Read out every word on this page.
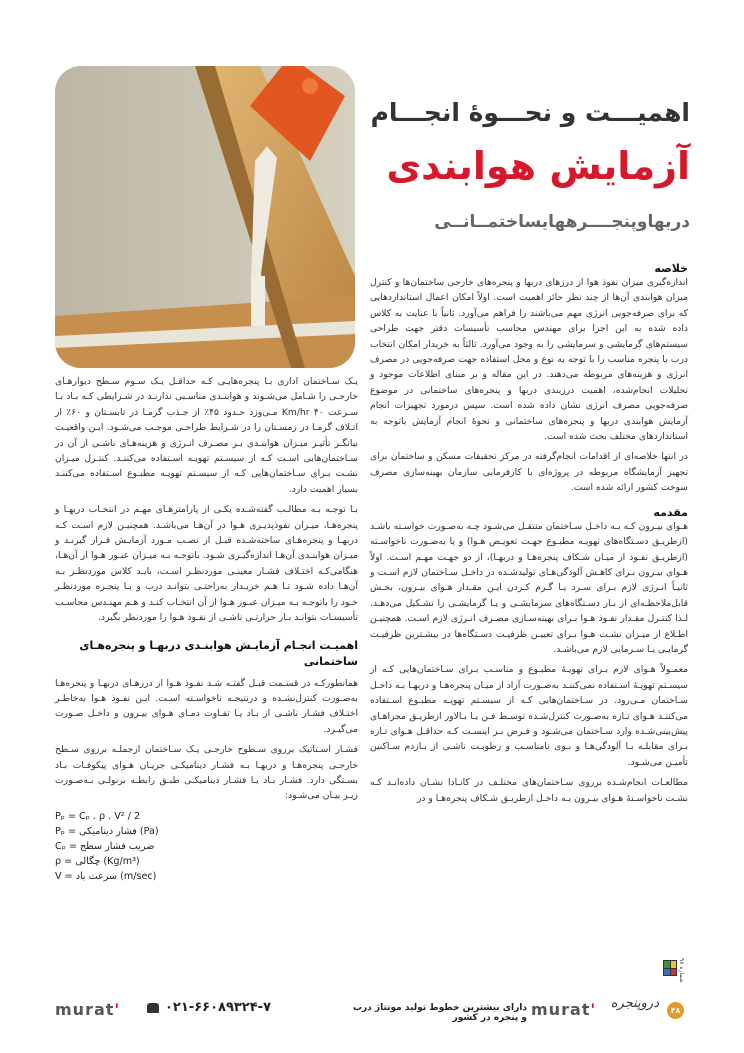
اهمیـــت و نحـــوۀ انجـــام
آزمایش هوابندی
دربهاوپنجــــرههایساختمــانــی
خلاصه

اندازه‌گیری میزان نفوذ هوا از درزهای دربها و پنجره‌های خارجی ساختمان‌ها و کنترل میزان هوابندی آن‌ها از چند نظر حائز اهمیت است. اولاً امکان اعمال استانداردهایی که برای صرفه‌جویی انرژی مهم می‌باشند را فراهم می‌آورد. ثانیاً با عنایت به کلاس داده شده به این اجزا برای مهندس محاسب تأسیسات دقتر جهت طراحی سیستم‌های گرمایشی و سرمایشی را به وجود می‌آورد. ثالثاً به خریدار امکان انتخاب درب یا پنجره مناسب را با توجه به نوع و محل استفاده جهت صرفه‌جویی در مصرف انرژی و هزینه‌های مربوطه می‌دهند. در این مقاله و بر مبنای اطلاعات موجود و تحلیلات انجام‌شده، اهمیت درزبندی دربها و پنجره‌های ساختمانی در موضوع صرفه‌جویی مصرف انرژی نشان داده شده است. سپس درمورد تجهیزات انجام آزمایش هوابندی دربها و پنجره‌های ساختمانی و نحوۀ انجام آزمایش باتوجه به استانداردهای مختلف بحث شده است.

در انتها خلاصه‌ای از اقدامات انجام‌گرفته در مرکز تحقیقات مسکن و ساختمان برای تجهیز آزمایشگاه مربوطه در پروژه‌ای با کارفرمایی سازمان بهینه‌سازی مصرف سوخت کشور ارائه شده است.

مقدمه

هـوای بیـرون کـه بـه داخـل سـاختمان منتقـل می‌شـود چـه به‌صـورت خواسـته باشـد (ازطریـق دسـتگاه‌های تهویـه مطبـوع جهـت تعویـض هـوا) و یا به‌صـورت ناخواسـته (ازطریـق نفـوذ از میـان شـکاف پنجره‌هـا و دربهـا)، از دو جهـت مهـم اسـت. اولاً هـوای بیـرون بـرای کاهـش آلودگی‌هـای تولیدشـده در داخـل سـاختمان لازم اسـت و ثانیـاً انـرژی لازم بـرای سـرد یـا گـرم کـردن ایـن مقـدار هـوای بیـرون، بخـش قابل‌ملاحظـه‌ای از بـار دسـتگاه‌های سرمایشـی و یـا گرمایشـی را تشـکیل می‌دهـد. لـذا کنتـرل مقـدار نفـوذ هـوا بـرای بهینه‌سـازی مصـرف انـرژی لازم اسـت. همچنیـن اطـلاع از میـزان نشـت هـوا بـرای تعییـن ظرفیـت دسـتگاه‌ها در بیشـترین ظرفیـت گرمایـی یـا سـرمایی لازم می‌باشـد.

معمـولاً هـوای لازم بـرای تهویـۀ مطبـوع و مناسـب بـرای سـاختمان‌هایی کـه از سیسـتم تهویـۀ اسـتفاده نمی‌کننـد به‌صـورت آزاد از میـان پنجره‌هـا و دربهـا بـه داخـل سـاختمان مـی‌رود. در سـاختمان‌هایی کـه از سیسـتم تهویـه مطبـوع اسـتفاده می‌کننـد هـوای تـازه به‌صـورت کنترل‌شـده توسـط فـن یـا بـالاور ازطریـق مجراهـای پیش‌بینی‌شـده وارد سـاختمان می‌شـود و فـرض بـر اینسـت کـه حداقـل هـوای تـازه بـرای مقابلـه بـا آلودگی‌هـا و بـوی نامناسـب و رطوبـت ناشـی از بـازدم سـاکنین تأمیـن می‌شـود.

مطالعـات انجام‌شـده برروی سـاختمان‌های مختلـف در کانـادا نشـان داده‌انـد کـه نشـت ناخواسـتۀ هـوای بیـرون بـه داخـل ازطریـق شـکاف پنجره‌هـا و در

یـک سـاختمان اداری بـا پنجره‌هایـی کـه حداقـل یـک سـوم سـطح دیوارهـای خارجـی را شـامل می‌شـوند و هوابنـدی مناسـبی ندارنـد در شـرایطی کـه بـاد بـا سـرعت ۴۰ Km/hr مـی‌وزد حـدود ۴۵٪ از جـذب گرمـا در تابسـتان و ۶۰٪ از اتـلاف گرمـا در زمسـتان را در شـرایط طراحـی موجـب می‌شـود. ایـن واقعیـت بیانگـر تأثیـر میـزان هوابنـدی بـر مصـرف انـرژی و هزینه‌هـای ناشـی از آن در سـاختمان‌هایی اسـت کـه از سیسـتم تهویـه اسـتفاده می‌کننـد. کنتـرل میـزان نشـت بـرای سـاختمان‌هایی کـه از سیسـتم تهویـه مطبـوع اسـتفاده می‌کننـد بسیار اهمیت دارد.

بـا توجـه بـه مطالـب گفته‌شـده یکـی از پارامترهـای مهـم در انتخـاب دربهـا و پنجره‌هـا، میـزان نفوذپذیـری هـوا در آن‌هـا می‌باشـد. همچنیـن لازم اسـت کـه دربهـا و پنجره‌هـای ساخته‌شـده قبـل از نصـب مـورد آزمایـش قـرار گیرنـد و میـزان هوابنـدی آن‌هـا اندازه‌گیـری شـود. باتوجـه بـه میـزان عبـور هـوا از آن‌هـا، هنگامی‌کـه اختـلاف فشـار معینـی موردنظـر اسـت، بایـد کلاس موردنظـر بـه آن‌هـا داده شـود تـا هـم خریـدار به‌راحتـی بتوانـد درب و یـا پنجـره موردنظـر خـود را باتوجـه بـه میـزان عبـور هـوا از آن انتخـاب کنـد و هـم مهنـدس محاسـب تأسیسـات بتوانـد بـار حرارتـی ناشـی از نفـوذ هـوا را موردنظر بگیرد.

اهمیـت انجـام آزمایـش هوابنـدی دربهـا و پنجره‌هـای ساختمانی

همانطورکـه در قسـمت قبـل گفتـه شـد نفـوذ هـوا از درزهـای دربهـا و پنجره‌هـا به‌صـورت کنترل‌نشـده و درنتیجـه ناخواسـته اسـت. ایـن نفـوذ هـوا به‌خاطـر اختـلاف فشـار ناشـی از بـاد یـا تفـاوت دمـای هـوای بیـرون و داخـل صـورت می‌گیـرد.

فشـار اسـتاتیک برروی سـطوح خارجـی یـک سـاختمان ازجملـه برروی سـطح خارجـی پنجره‌هـا و دربهـا بـه فشـار دینامیکـی جریـان هـوای پیکوفـات بـاد بسـتگی دارد. فشـار بـاد یـا فشـار دینامیکـی طبـق رابطـه برنولـی بـه‌صـورت زیـر بیـان می‌شـود:

Pₚ = Cₚ . ρ . V² / 2
Pₚ = فشار دینامیکی (Pa)
Cₚ = ضریب فشار سطح
ρ = چگالی (Kg/m³)
V = سرعت باد (m/sec)
murat'	۰۲۱-۶۶۰۸۹۳۲۴-۷	دارای بیشترین خطوط تولید مونتاژ درب و پنجره در کشور murat'	دروپنجره
شماره ۹۸
۴۸
